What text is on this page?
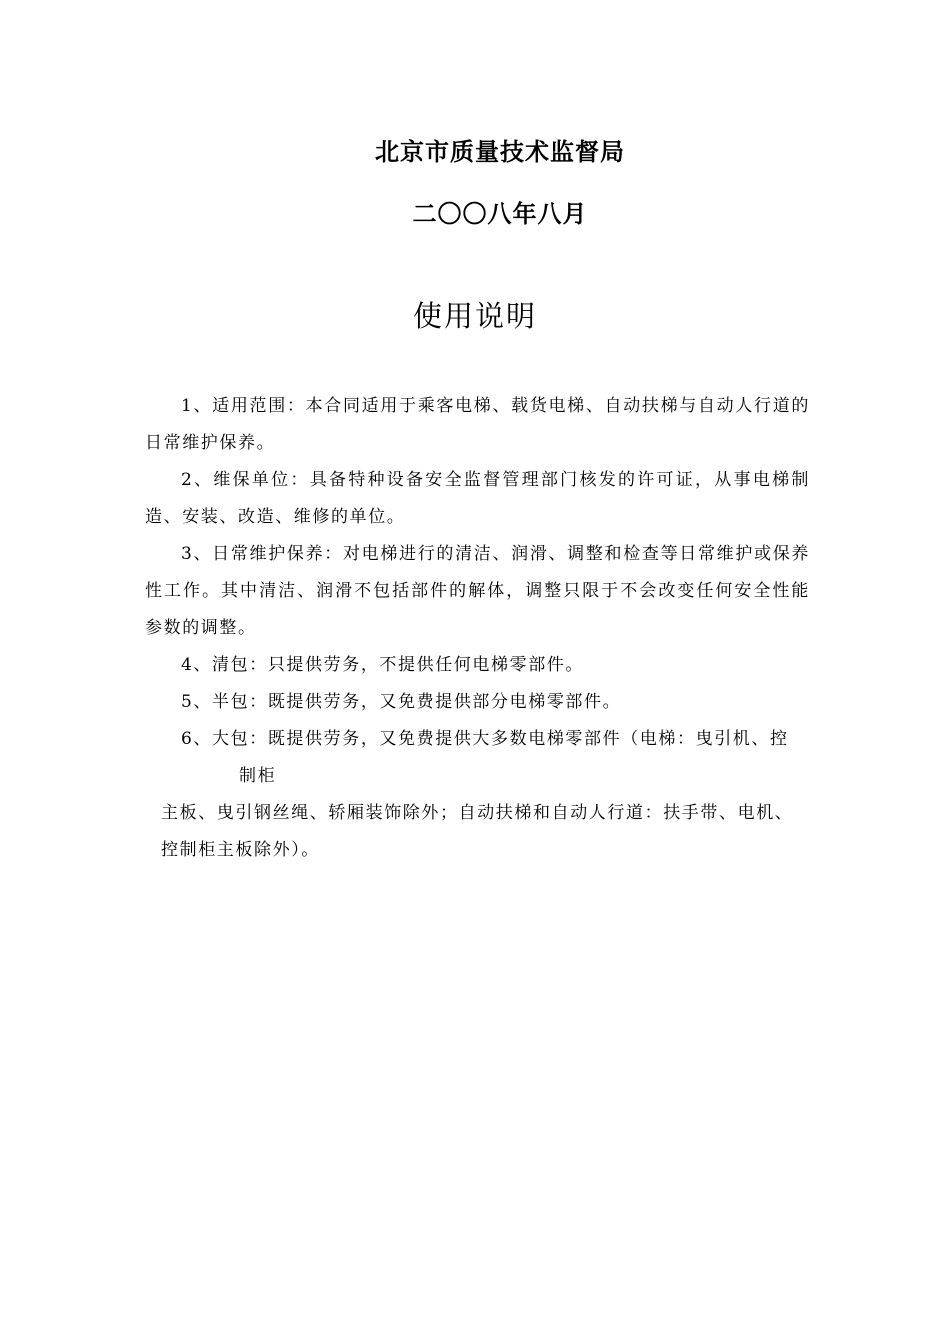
北京市质量技术监督局
二〇〇八年八月
使用说明

1、适用范围：本合同适用于乘客电梯、载货电梯、自动扶梯与自动人行道的日常维护保养。

2、维保单位：具备特种设备安全监督管理部门核发的许可证，从事电梯制造、安装、改造、维修的单位。

3、日常维护保养：对电梯进行的清洁、润滑、调整和检查等日常维护或保养性工作。其中清洁、润滑不包括部件的解体，调整只限于不会改变任何安全性能参数的调整。

4、清包：只提供劳务，不提供任何电梯零部件。

5、半包：既提供劳务，又免费提供部分电梯零部件。

6、大包：既提供劳务，又免费提供大多数电梯零部件（电梯：曳引机、控

制柜

主板、曳引钢丝绳、轿厢装饰除外；自动扶梯和自动人行道：扶手带、电机、

控制柜主板除外）。
